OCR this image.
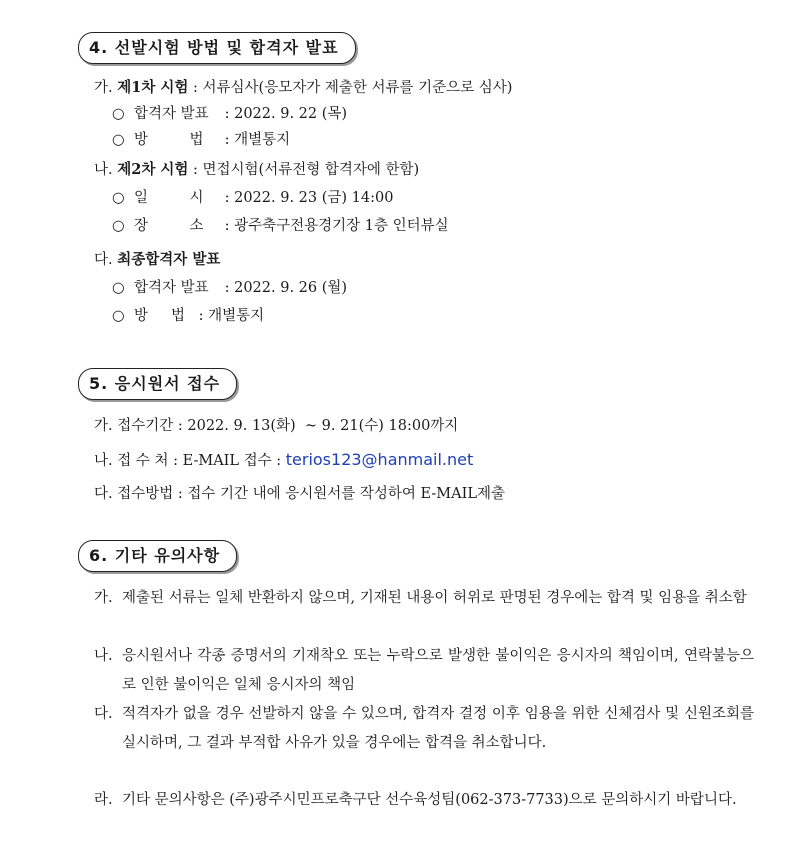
4. 선발시험 방법 및 합격자 발표
가. 제1차 시험 : 서류심사(응모자가 제출한 서류를 기준으로 심사)
○ 합격자 발표 : 2022. 9. 22 (목)
○ 방         법 : 개별통지
나. 제2차 시험 : 면접시험(서류전형 합격자에 한함)
○ 일         시 : 2022. 9. 23 (금) 14:00
○ 장         소 : 광주축구전용경기장 1층 인터뷰실
다. 최종합격자 발표
○ 합격자 발표 : 2022. 9. 26 (월)
○ 방     법 : 개별통지
5. 응시원서 접수
가. 접수기간 : 2022. 9. 13(화)  ~ 9. 21(수) 18:00까지
나. 접 수 처 : E-MAIL 접수 : terios123@hanmail.net
다. 접수방법 : 접수 기간 내에 응시원서를 작성하여 E-MAIL제출
6. 기타 유의사항
가. 제출된 서류는 일체 반환하지 않으며, 기재된 내용이 허위로 판명된 경우에는 합격 및 임용을 취소함
나. 응시원서나 각종 증명서의 기재착오 또는 누락으로 발생한 불이익은 응시자의 책임이며, 연락불능으로 인한 불이익은 일체 응시자의 책임
다. 적격자가 없을 경우 선발하지 않을 수 있으며, 합격자 결정 이후 임용을 위한 신체검사 및 신원조회를 실시하며, 그 결과 부적합 사유가 있을 경우에는 합격을 취소합니다.
라. 기타 문의사항은 (주)광주시민프로축구단 선수육성팀(062-373-7733)으로 문의하시기 바랍니다.
